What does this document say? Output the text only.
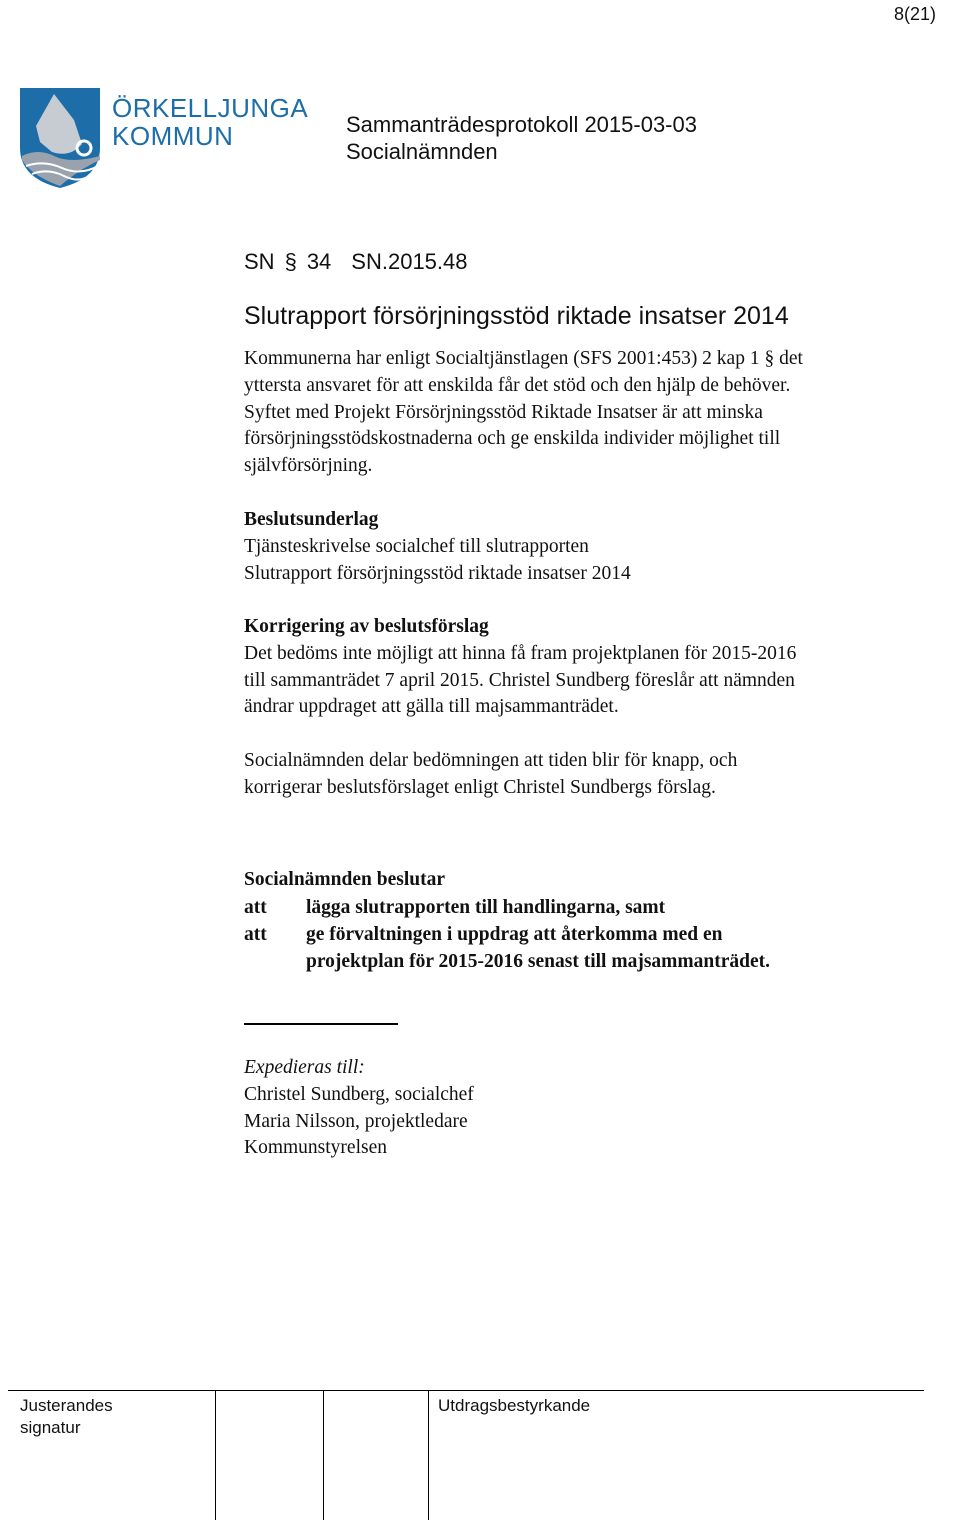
8(21)
ÖRKELLJUNGA
KOMMUN	Sammanträdesprotokoll 2015-03-03
Socialnämnden
SN § 34 SN.2015.48
Slutrapport försörjningsstöd riktade insatser 2014
Kommunerna har enligt Socialtjänstlagen (SFS 2001:453) 2 kap 1 § det
yttersta ansvaret för att enskilda får det stöd och den hjälp de behöver.
Syftet med Projekt Försörjningsstöd Riktade Insatser är att minska
försörjningsstödskostnaderna och ge enskilda individer möjlighet till
självförsörjning.
Beslutsunderlag
Tjänsteskrivelse socialchef till slutrapporten
Slutrapport försörjningsstöd riktade insatser 2014
Korrigering av beslutsförslag
Det bedöms inte möjligt att hinna få fram projektplanen för 2015-2016
till sammanträdet 7 april 2015. Christel Sundberg föreslår att nämnden
ändrar uppdraget att gälla till majsammanträdet.
Socialnämnden delar bedömningen att tiden blir för knapp, och
korrigerar beslutsförslaget enligt Christel Sundbergs förslag.
Socialnämnden beslutar
att lägga slutrapporten till handlingarna, samt
att ge förvaltningen i uppdrag att återkomma med en
projektplan för 2015-2016 senast till majsammanträdet.
Expedieras till:
Christel Sundberg, socialchef
Maria Nilsson, projektledare
Kommunstyrelsen
Justerandes
signatur
Utdragsbestyrkande
